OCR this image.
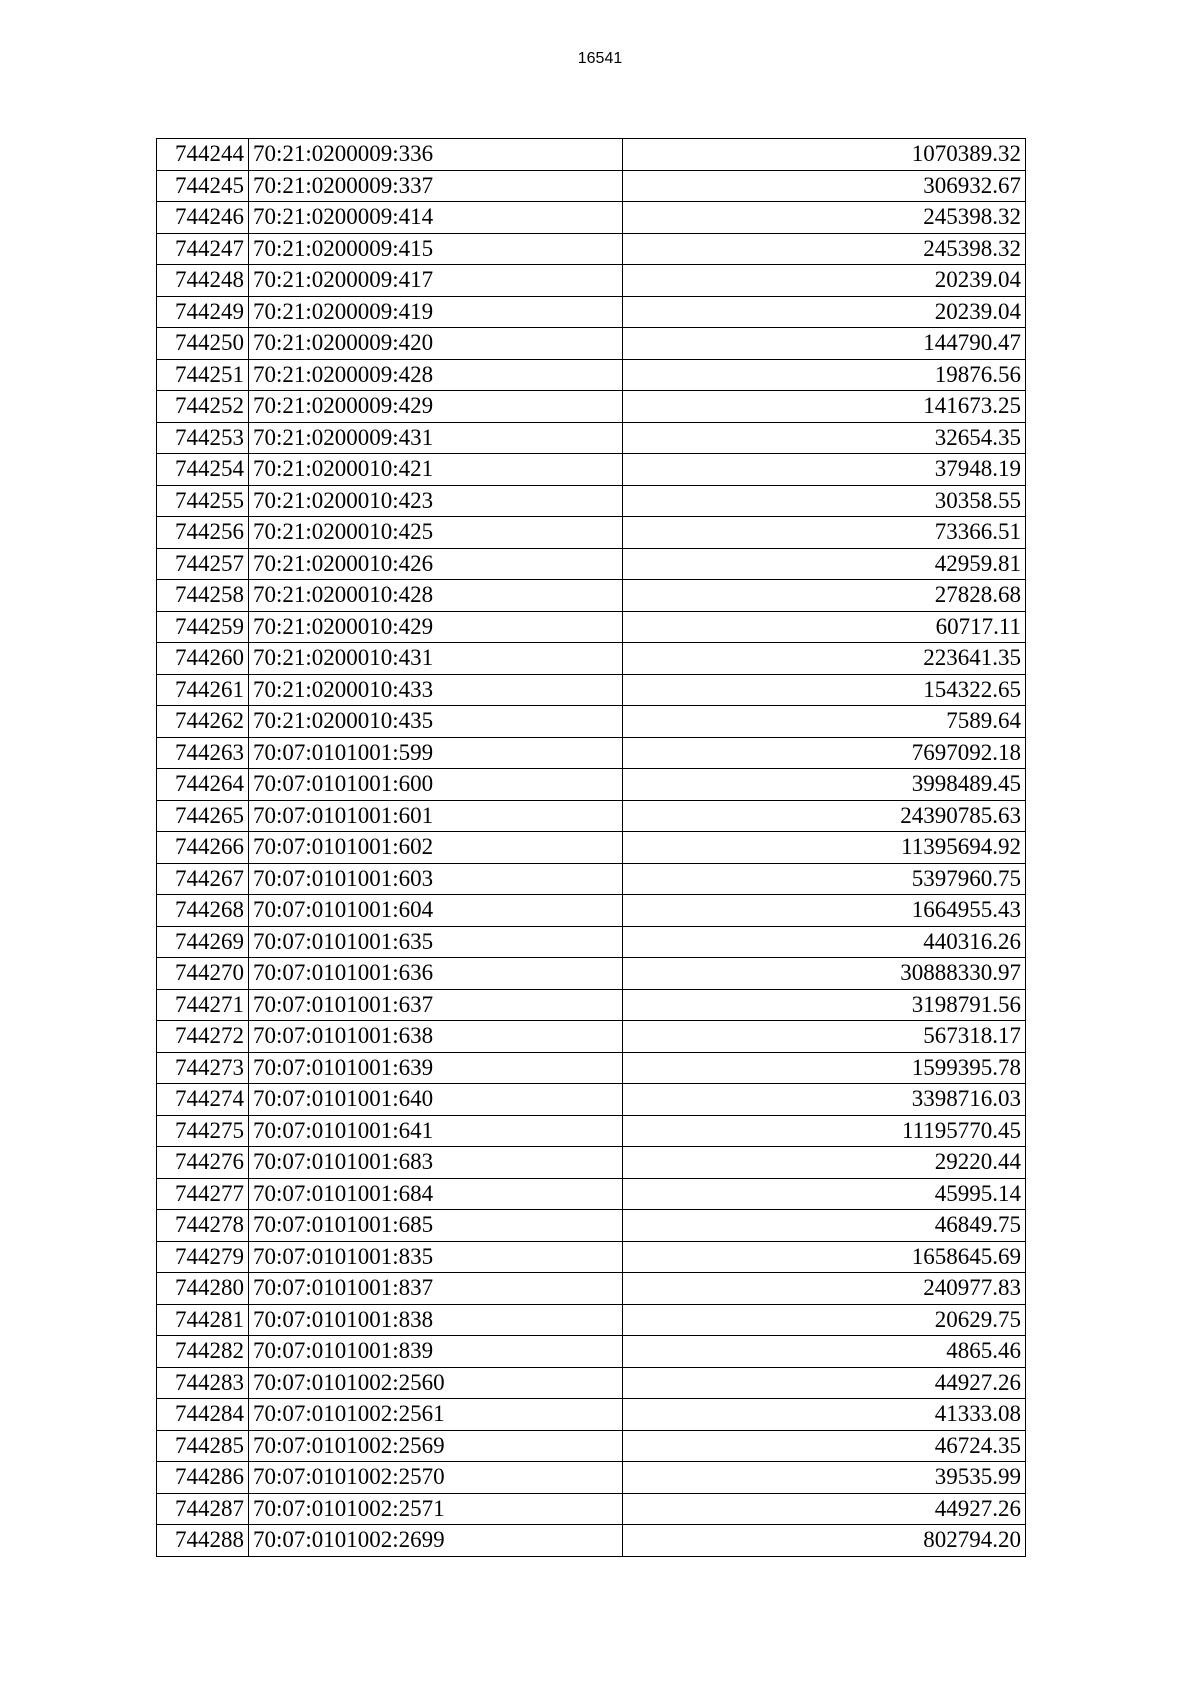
16541
744244	70:21:0200009:336	1070389.32
744245	70:21:0200009:337	306932.67
744246	70:21:0200009:414	245398.32
744247	70:21:0200009:415	245398.32
744248	70:21:0200009:417	20239.04
744249	70:21:0200009:419	20239.04
744250	70:21:0200009:420	144790.47
744251	70:21:0200009:428	19876.56
744252	70:21:0200009:429	141673.25
744253	70:21:0200009:431	32654.35
744254	70:21:0200010:421	37948.19
744255	70:21:0200010:423	30358.55
744256	70:21:0200010:425	73366.51
744257	70:21:0200010:426	42959.81
744258	70:21:0200010:428	27828.68
744259	70:21:0200010:429	60717.11
744260	70:21:0200010:431	223641.35
744261	70:21:0200010:433	154322.65
744262	70:21:0200010:435	7589.64
744263	70:07:0101001:599	7697092.18
744264	70:07:0101001:600	3998489.45
744265	70:07:0101001:601	24390785.63
744266	70:07:0101001:602	11395694.92
744267	70:07:0101001:603	5397960.75
744268	70:07:0101001:604	1664955.43
744269	70:07:0101001:635	440316.26
744270	70:07:0101001:636	30888330.97
744271	70:07:0101001:637	3198791.56
744272	70:07:0101001:638	567318.17
744273	70:07:0101001:639	1599395.78
744274	70:07:0101001:640	3398716.03
744275	70:07:0101001:641	11195770.45
744276	70:07:0101001:683	29220.44
744277	70:07:0101001:684	45995.14
744278	70:07:0101001:685	46849.75
744279	70:07:0101001:835	1658645.69
744280	70:07:0101001:837	240977.83
744281	70:07:0101001:838	20629.75
744282	70:07:0101001:839	4865.46
744283	70:07:0101002:2560	44927.26
744284	70:07:0101002:2561	41333.08
744285	70:07:0101002:2569	46724.35
744286	70:07:0101002:2570	39535.99
744287	70:07:0101002:2571	44927.26
744288	70:07:0101002:2699	802794.20
